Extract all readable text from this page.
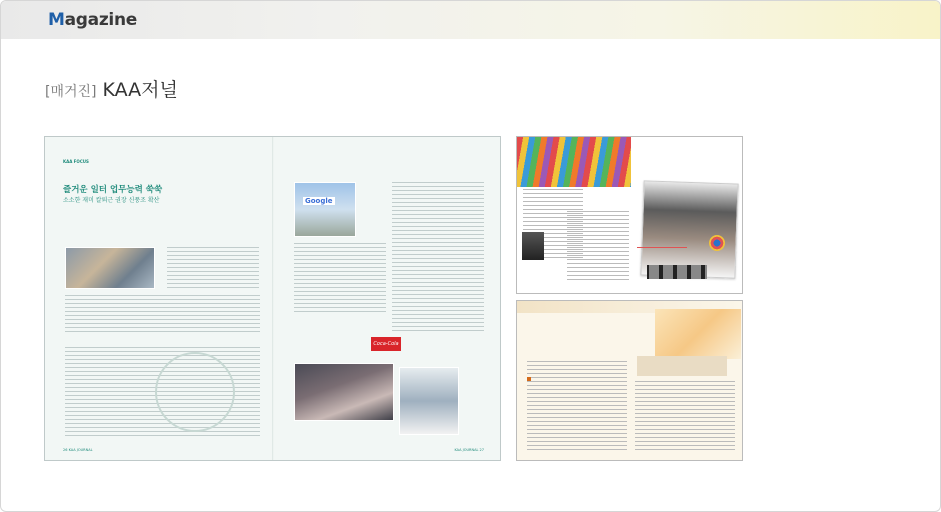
Magazine
[매거진] KAA저널
KAA FOCUS
즐거운 일터 업무능력 쑥쑥
소소한 재미 칼퇴근 권장 신풍조 확산
26 KAA JOURNAL
Google
Coca-Cola
KAA JOURNAL 27
